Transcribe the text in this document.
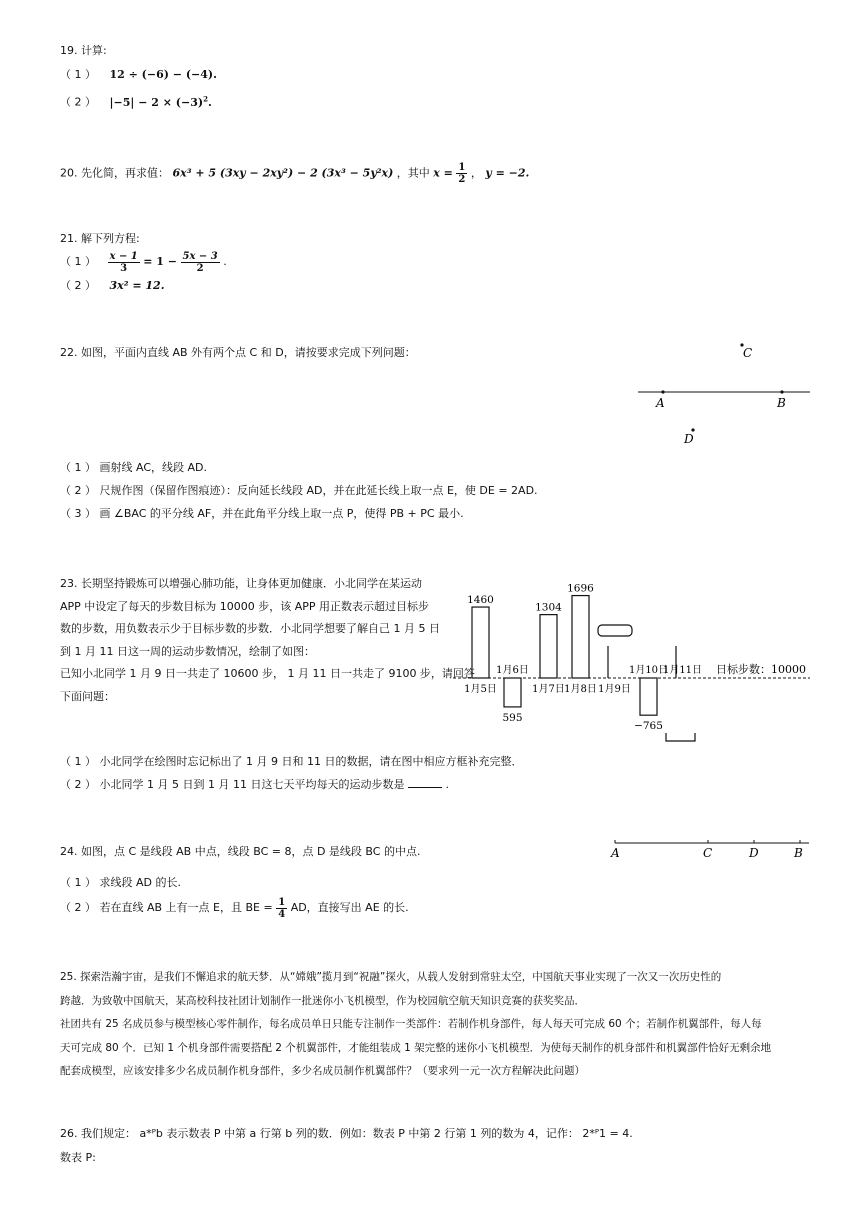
19. 计算:
（ 1 ） 12 ÷ (−6) − (−4).
（ 2 ） $|-5| - 2 \times (-3)^2$.
20. 先化简，再求值： 6x³ + 5 (3xy − 2xy²) − 2 (3x³ − 5y²x) ，其中 $x = \frac{1}{2}$ ， y = −2.
21. 解下列方程:
（ 1 ） $\frac{x - 1}{3} = 1 - \frac{5x - 3}{2}$ .
（ 2 ） 3x² = 12.
22. 如图，平面内直线 AB 外有两个点 C 和 D，请按要求完成下列问题：	C
A	B
D
（ 1 ） 画射线 AC，线段 AD.
（ 2 ） 尺规作图（保留作图痕迹）：反向延长线段 AD，并在此延长线上取一点 E，使 DE = 2AD.
（ 3 ） 画 ∠BAC 的平分线 AF，并在此角平分线上取一点 P，使得 PB + PC 最小.
23. 长期坚持锻炼可以增强心肺功能，让身体更加健康．小北同学在某运动
APP 中设定了每天的步数目标为 10000 步，该 APP 用正数表示超过目标步
数的步数，用负数表示少于目标步数的步数．小北同学想要了解自己 1 月 5 日
到 1 月 11 日这一周的运动步数情况，绘制了如图：
已知小北同学 1 月 9 日一共走了 10600 步， 1 月 11 日一共走了 9100 步，请回答
下面问题：
日标步数：10000
1460
1月5日
595
1月6日
1304
1月7日
1696
1月8日 1月9日
−765
1月10日
1月11日
（ 1 ） 小北同学在绘图时忘记标出了 1 月 9 日和 11 日的数据，请在图中相应方框补充完整．
（ 2 ） 小北同学 1 月 5 日到 1 月 11 日这七天平均每天的运动步数是	.
24. 如图，点 C 是线段 AB 中点，线段 BC = 8，点 D 是线段 BC 的中点.	A	C	D	B
（ 1 ） 求线段 AD 的长.
（ 2 ） 若在直线 AB 上有一点 E，且 BE = $\frac{1}{4}$ AD，直接写出 AE 的长.
25. 探索浩瀚宇宙，是我们不懈追求的航天梦．从“嫦娥”揽月到“祝融”探火，从载人发射到常驻太空，中国航天事业实现了一次又一次历史性的
跨越．为致敬中国航天，某高校科技社团计划制作一批迷你小飞机模型，作为校园航空航天知识竞赛的获奖奖品．
社团共有 25 名成员参与模型核心零件制作，每名成员单日只能专注制作一类部件：若制作机身部件，每人每天可完成 60 个；若制作机翼部件，每人每
天可完成 80 个．已知 1 个机身部件需要搭配 2 个机翼部件，才能组装成 1 架完整的迷你小飞机模型．为使每天制作的机身部件和机翼部件恰好无剩余地
配套成模型，应该安排多少名成员制作机身部件，多少名成员制作机翼部件？（要求列一元一次方程解决此问题）
26. 我们规定： a*ᴾb 表示数表 P 中第 a 行第 b 列的数．例如：数表 P 中第 2 行第 1 列的数为 4，记作： 2*ᴾ1 = 4.
数表 P:
